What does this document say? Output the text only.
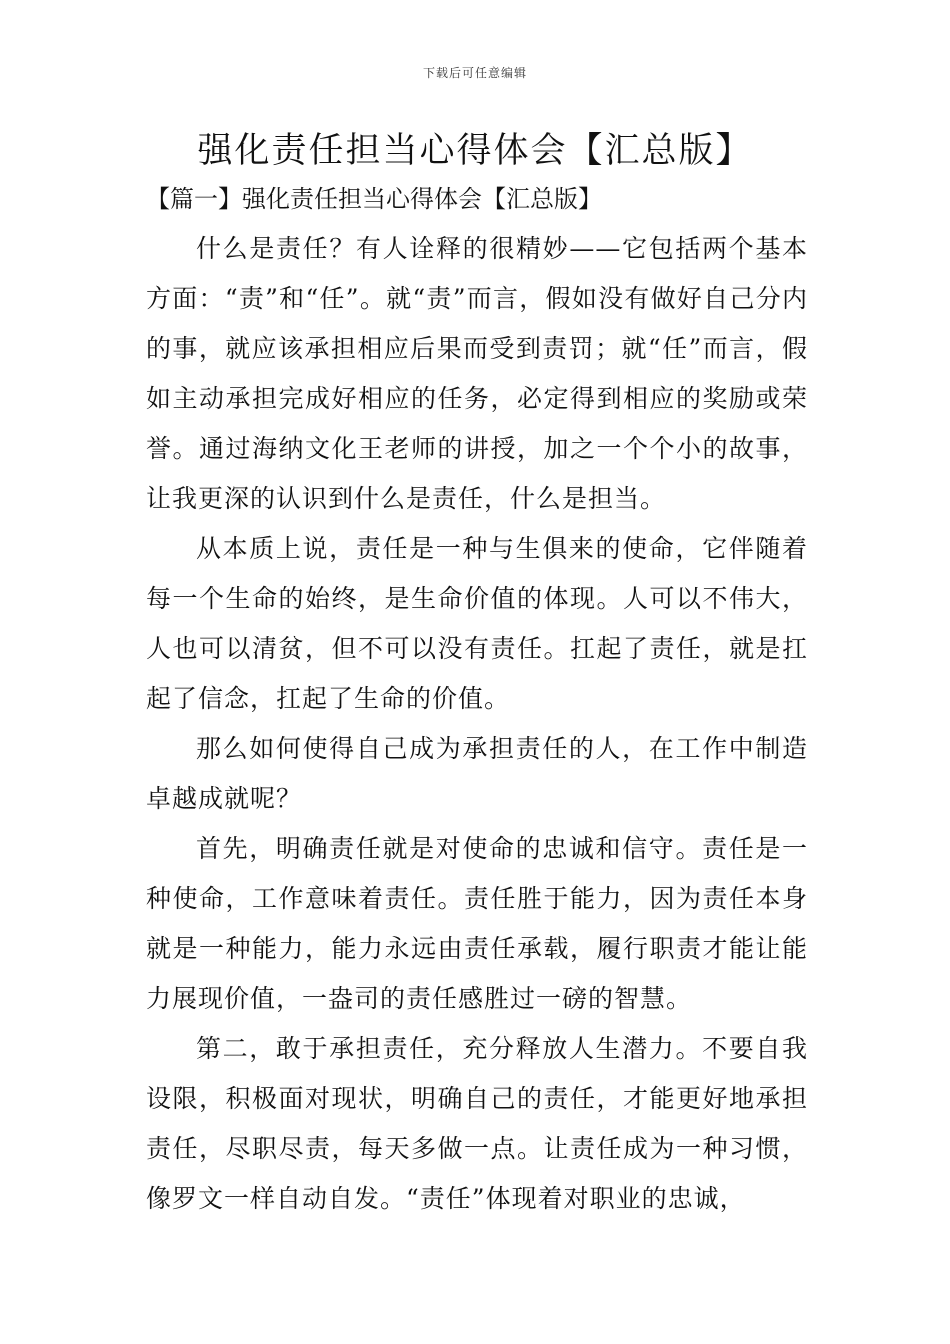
下载后可任意编辑
强化责任担当心得体会【汇总版】
【篇一】强化责任担当心得体会【汇总版】

什么是责任？有人诠释的很精妙——它包括两个基本方面：“责”和“任”。就“责”而言，假如没有做好自己分内的事，就应该承担相应后果而受到责罚；就“任”而言，假如主动承担完成好相应的任务，必定得到相应的奖励或荣誉。通过海纳文化王老师的讲授，加之一个个小的故事，让我更深的认识到什么是责任，什么是担当。

从本质上说，责任是一种与生俱来的使命，它伴随着每一个生命的始终，是生命价值的体现。人可以不伟大，人也可以清贫，但不可以没有责任。扛起了责任，就是扛起了信念，扛起了生命的价值。

那么如何使得自己成为承担责任的人，在工作中制造卓越成就呢？

首先，明确责任就是对使命的忠诚和信守。责任是一种使命，工作意味着责任。责任胜于能力，因为责任本身就是一种能力，能力永远由责任承载，履行职责才能让能力展现价值，一盎司的责任感胜过一磅的智慧。

第二，敢于承担责任，充分释放人生潜力。不要自我设限，积极面对现状，明确自己的责任，才能更好地承担责任，尽职尽责，每天多做一点。让责任成为一种习惯，像罗文一样自动自发。“责任”体现着对职业的忠诚，
